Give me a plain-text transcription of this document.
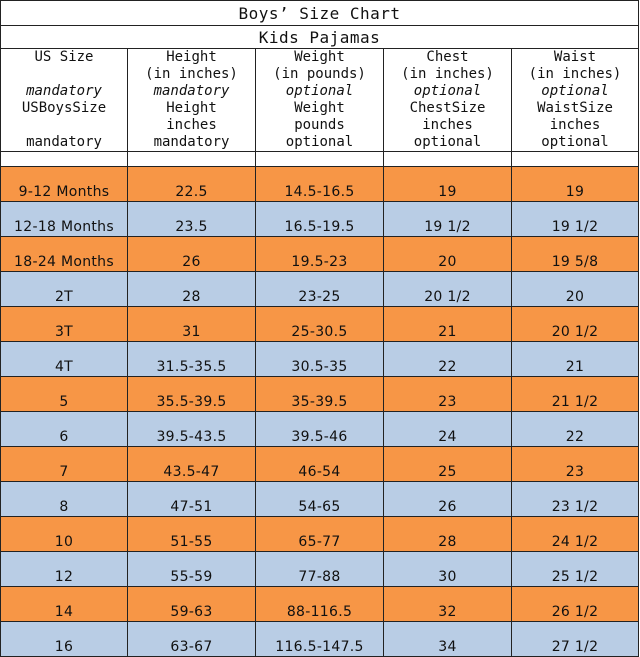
Boys’ Size Chart				
Kids Pajamas				
US Size	Height	Weight	Chest	Waist
	(in inches)	(in pounds)	(in inches)	(in inches)
mandatory	mandatory	optional	optional	optional
USBoysSize	Height	Weight	ChestSize	WaistSize
	inches	pounds	inches	inches
mandatory	mandatory	optional	optional	optional

9-12 Months	22.5	14.5-16.5	19	19
12-18 Months	23.5	16.5-19.5	19 1/2	19 1/2
18-24 Months	26	19.5-23	20	19 5/8
2T	28	23-25	20 1/2	20
3T	31	25-30.5	21	20 1/2
4T	31.5-35.5	30.5-35	22	21
5	35.5-39.5	35-39.5	23	21 1/2
6	39.5-43.5	39.5-46	24	22
7	43.5-47	46-54	25	23
8	47-51	54-65	26	23 1/2
10	51-55	65-77	28	24 1/2
12	55-59	77-88	30	25 1/2
14	59-63	88-116.5	32	26 1/2
16	63-67	116.5-147.5	34	27 1/2
